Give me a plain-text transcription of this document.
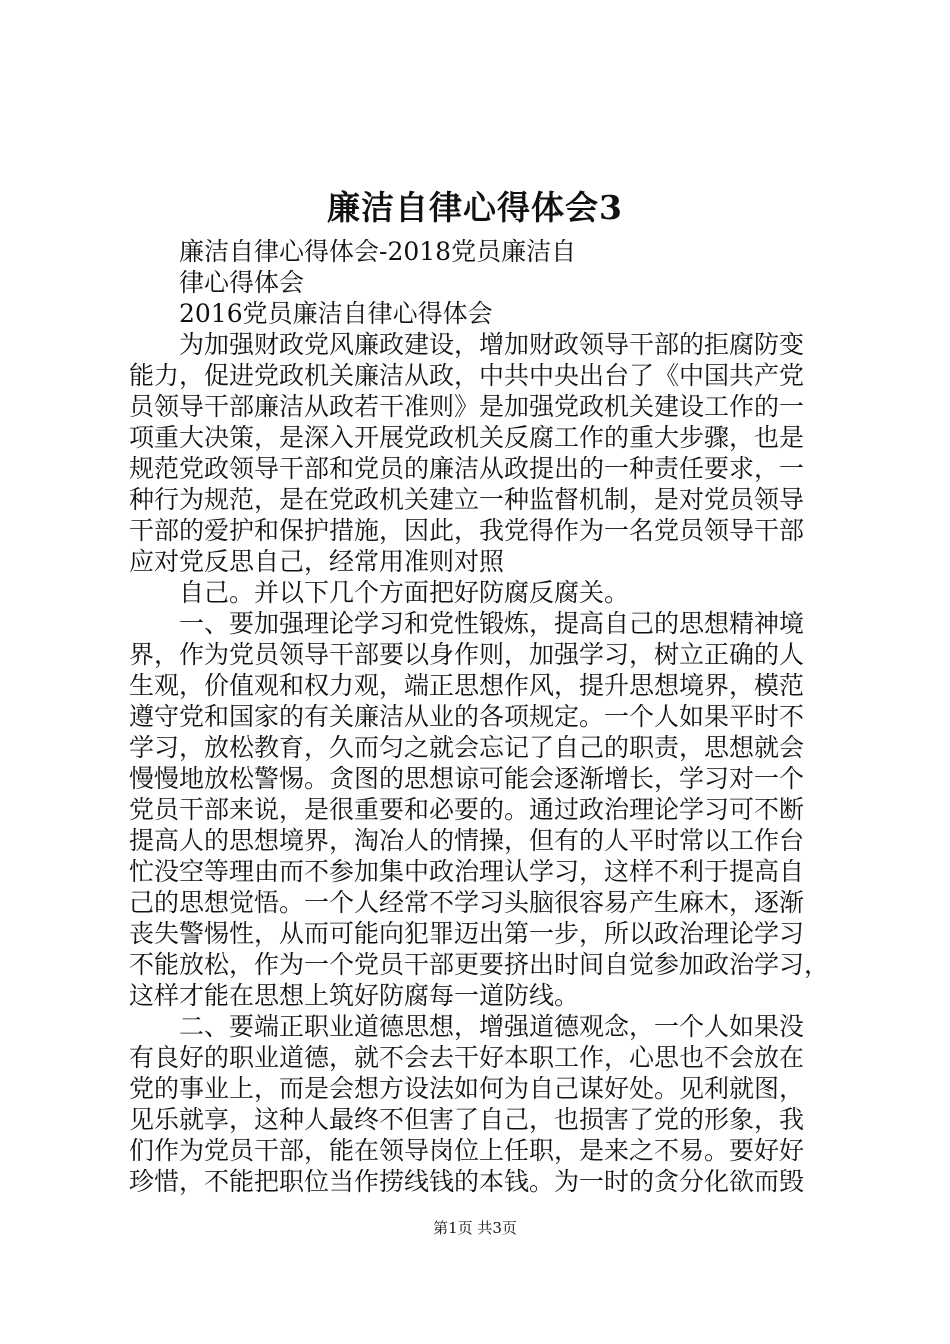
廉洁自律心得体会3
廉洁自律心得体会-2018党员廉洁自
律心得体会
2016党员廉洁自律心得体会
为加强财政党风廉政建设，增加财政领导干部的拒腐防变
能力，促进党政机关廉洁从政，中共中央出台了《中国共产党
员领导干部廉洁从政若干准则》是加强党政机关建设工作的一
项重大决策，是深入开展党政机关反腐工作的重大步骤，也是
规范党政领导干部和党员的廉洁从政提出的一种责任要求，一
种行为规范，是在党政机关建立一种监督机制，是对党员领导
干部的爱护和保护措施，因此，我党得作为一名党员领导干部
应对党反思自己，经常用准则对照
自己。并以下几个方面把好防腐反腐关。
一、要加强理论学习和党性锻炼，提高自己的思想精神境
界，作为党员领导干部要以身作则，加强学习，树立正确的人
生观，价值观和权力观，端正思想作风，提升思想境界，模范
遵守党和国家的有关廉洁从业的各项规定。一个人如果平时不
学习，放松教育，久而匀之就会忘记了自己的职责，思想就会
慢慢地放松警惕。贪图的思想谅可能会逐渐增长，学习对一个
党员干部来说，是很重要和必要的。通过政治理论学习可不断
提高人的思想境界，淘冶人的情操，但有的人平时常以工作台
忙没空等理由而不参加集中政治理认学习，这样不利于提高自
己的思想觉悟。一个人经常不学习头脑很容易产生麻木，逐渐
丧失警惕性，从而可能向犯罪迈出第一步，所以政治理论学习
不能放松，作为一个党员干部更要挤出时间自觉参加政治学习，
这样才能在思想上筑好防腐每一道防线。
二、要端正职业道德思想，增强道德观念，一个人如果没
有良好的职业道德，就不会去干好本职工作，心思也不会放在
党的事业上，而是会想方设法如何为自己谋好处。见利就图，
见乐就享，这种人最终不但害了自己，也损害了党的形象，我
们作为党员干部，能在领导岗位上任职，是来之不易。要好好
珍惜，不能把职位当作捞线钱的本钱。为一时的贪分化欲而毁
第1页 共3页
